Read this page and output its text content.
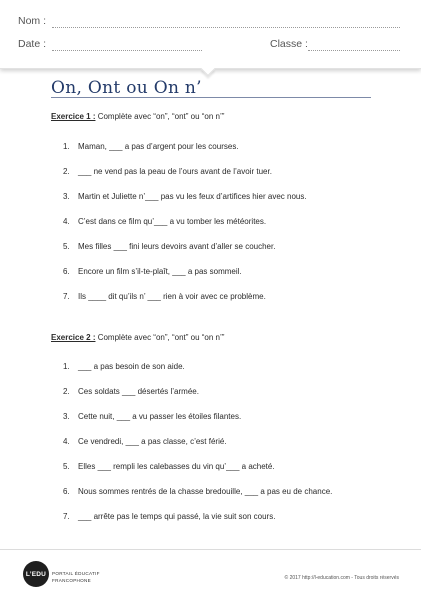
Nom :
Date :	Classe :
On, Ont ou On n’
Exercice 1 : Complète avec “on”, “ont” ou “on n’”
1. Maman, ___ a pas d’argent pour les courses.
2. ___ ne vend pas la peau de l’ours avant de l’avoir tuer.
3. Martin et Juliette n’___ pas vu les feux d’artifices hier avec nous.
4. C’est dans ce film qu’___ a vu tomber les météorites.
5. Mes filles ___ fini leurs devoirs avant d’aller se coucher.
6. Encore un film s’il-te-plaît, ___ a pas sommeil.
7. Ils ____ dit qu’ils n’ ___ rien à voir avec ce problème.
Exercice 2 : Complète avec “on”, “ont” ou “on n’”
1. ___ a pas besoin de son aide.
2. Ces soldats ___ désertés l’armée.
3. Cette nuit, ___ a vu passer les étoiles filantes.
4. Ce vendredi, ___ a pas classe, c’est férié.
5. Elles ___ rempli les calebasses du vin qu’___ a acheté.
6. Nous sommes rentrés de la chasse bredouille, ___ a pas eu de chance.
7. ___ arrête pas le temps qui passé, la vie suit son cours.
L’EDU	PORTAIL ÉDUCATIF
FRANCOPHONE	© 2017 http://l-education.com - Tous droits réservés
